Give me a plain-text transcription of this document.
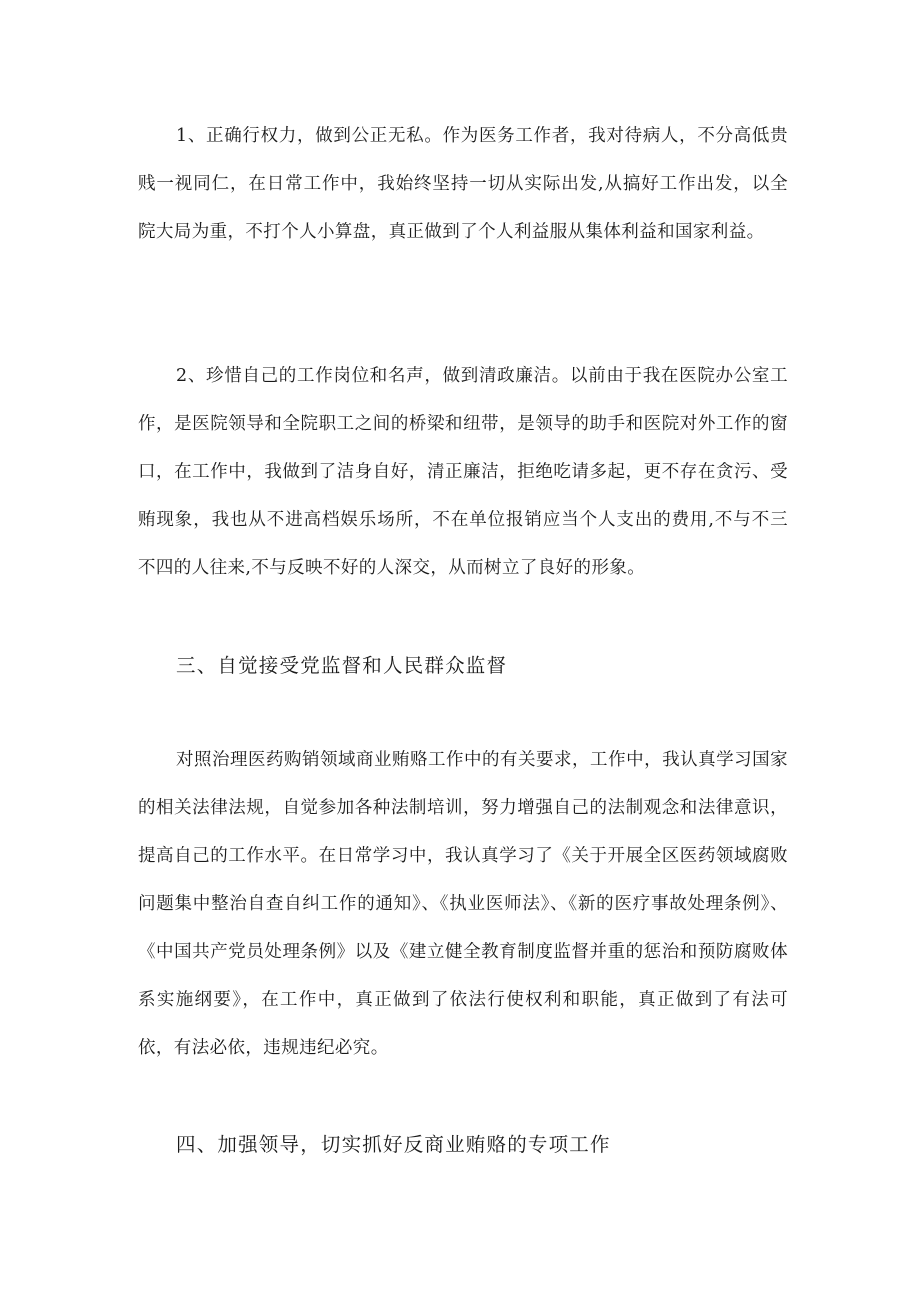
1、正确行权力，做到公正无私。作为医务工作者，我对待病人，不分高低贵贱一视同仁，在日常工作中，我始终坚持一切从实际出发,从搞好工作出发，以全院大局为重，不打个人小算盘，真正做到了个人利益服从集体利益和国家利益。

2、珍惜自己的工作岗位和名声，做到清政廉洁。以前由于我在医院办公室工作，是医院领导和全院职工之间的桥梁和纽带，是领导的助手和医院对外工作的窗口，在工作中，我做到了洁身自好，清正廉洁，拒绝吃请多起，更不存在贪污、受贿现象，我也从不进高档娱乐场所，不在单位报销应当个人支出的费用,不与不三不四的人往来,不与反映不好的人深交，从而树立了良好的形象。

三、自觉接受党监督和人民群众监督

对照治理医药购销领域商业贿赂工作中的有关要求，工作中，我认真学习国家的相关法律法规，自觉参加各种法制培训，努力增强自己的法制观念和法律意识，提高自己的工作水平。在日常学习中，我认真学习了《关于开展全区医药领域腐败问题集中整治自查自纠工作的通知》、《执业医师法》、《新的医疗事故处理条例》、《中国共产党员处理条例》以及《建立健全教育制度监督并重的惩治和预防腐败体系实施纲要》，在工作中，真正做到了依法行使权利和职能，真正做到了有法可依，有法必依，违规违纪必究。

四、加强领导，切实抓好反商业贿赂的专项工作
